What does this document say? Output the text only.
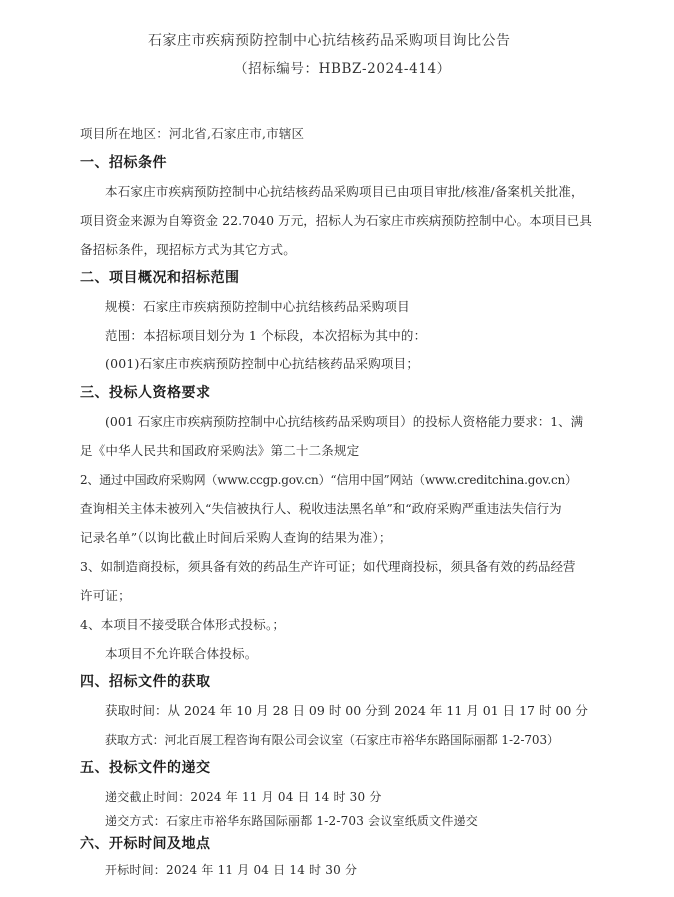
石家庄市疾病预防控制中心抗结核药品采购项目询比公告
（招标编号：HBBZ-2024-414）
项目所在地区：河北省,石家庄市,市辖区
一、招标条件
本石家庄市疾病预防控制中心抗结核药品采购项目已由项目审批/核准/备案机关批准，
项目资金来源为自筹资金 22.7040 万元，招标人为石家庄市疾病预防控制中心。本项目已具
备招标条件，现招标方式为其它方式。
二、项目概况和招标范围
规模：石家庄市疾病预防控制中心抗结核药品采购项目
范围：本招标项目划分为 1 个标段，本次招标为其中的：
(001)石家庄市疾病预防控制中心抗结核药品采购项目；
三、投标人资格要求
(001 石家庄市疾病预防控制中心抗结核药品采购项目）的投标人资格能力要求：1、满
足《中华人民共和国政府采购法》第二十二条规定
2、通过中国政府采购网（www.ccgp.gov.cn）“信用中国”网站（www.creditchina.gov.cn）
查询相关主体未被列入“失信被执行人、税收违法黑名单”和“政府采购严重违法失信行为
记录名单”（以询比截止时间后采购人查询的结果为准）；
3、如制造商投标，须具备有效的药品生产许可证；如代理商投标，须具备有效的药品经营
许可证；
4、本项目不接受联合体形式投标。；
本项目不允许联合体投标。
四、招标文件的获取
获取时间：从 2024 年 10 月 28 日 09 时 00 分到 2024 年 11 月 01 日 17 时 00 分
获取方式：河北百展工程咨询有限公司会议室（石家庄市裕华东路国际丽都 1-2-703）
五、投标文件的递交
递交截止时间：2024 年 11 月 04 日 14 时 30 分
递交方式：石家庄市裕华东路国际丽都 1-2-703 会议室纸质文件递交
六、开标时间及地点
开标时间：2024 年 11 月 04 日 14 时 30 分
